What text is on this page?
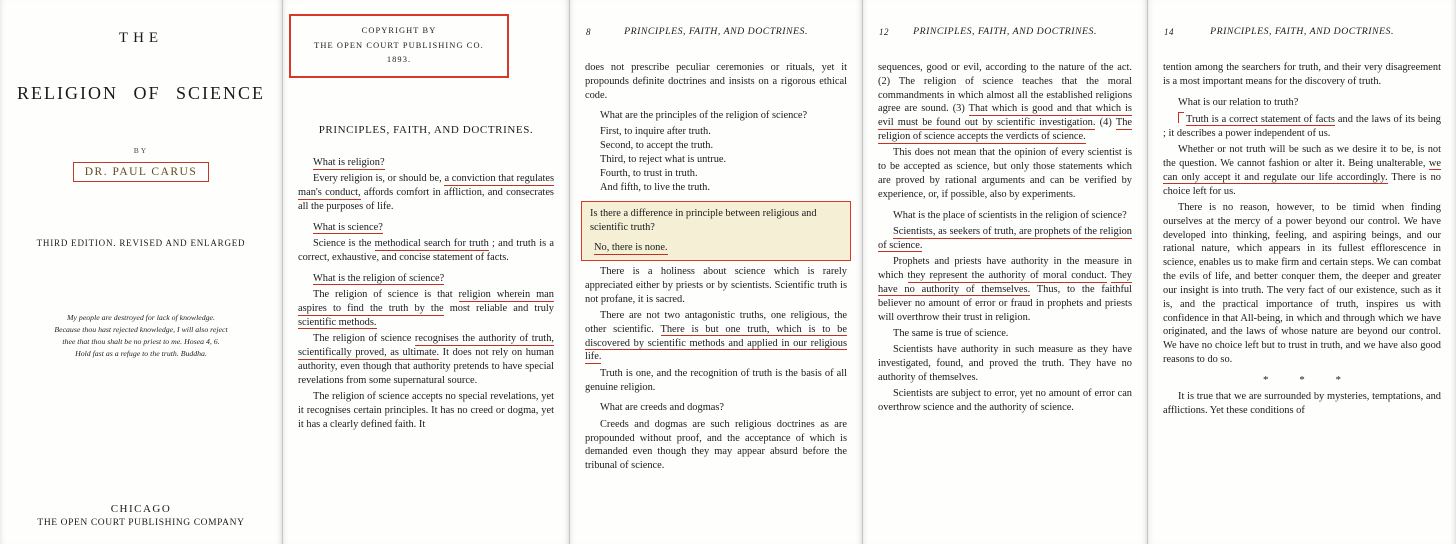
THE
RELIGION OF SCIENCE
BY
DR. PAUL CARUS
THIRD EDITION. REVISED AND ENLARGED
My people are destroyed for lack of knowledge.
Because thou hast rejected knowledge, I will also reject
thee that thou shalt be no priest to me. Hosea 4, 6.
Hold fast as a refuge to the truth. Buddha.
CHICAGO
THE OPEN COURT PUBLISHING COMPANY
COPYRIGHT BY
THE OPEN COURT PUBLISHING CO.
1893.
PRINCIPLES, FAITH, AND DOCTRINES.
What is religion?

Every religion is, or should be, a conviction that regulates man's conduct, affords comfort in affliction, and consecrates all the purposes of life.

What is science?

Science is the methodical search for truth ; and truth is a correct, exhaustive, and concise statement of facts.

What is the religion of science?

The religion of science is that religion wherein man aspires to find the truth by the most reliable and truly scientific methods.

The religion of science recognises the authority of truth, scientifically proved, as ultimate. It does not rely on human authority, even though that authority pretends to have special revelations from some supernatural source.

The religion of science accepts no special revelations, yet it recognises certain principles. It has no creed or dogma, yet it has a clearly defined faith. It

8	PRINCIPLES, FAITH, AND DOCTRINES.

does not prescribe peculiar ceremonies or rituals, yet it propounds definite doctrines and insists on a rigorous ethical code.

What are the principles of the religion of science?
First, to inquire after truth.
Second, to accept the truth.
Third, to reject what is untrue.
Fourth, to trust in truth.
And fifth, to live the truth.
Is there a difference in principle between religious and scientific truth?
No, there is none.

There is a holiness about science which is rarely appreciated either by priests or by scientists. Scientific truth is not profane, it is sacred.

There are not two antagonistic truths, one religious, the other scientific. There is but one truth, which is to be discovered by scientific methods and applied in our religious life.

Truth is one, and the recognition of truth is the basis of all genuine religion.

What are creeds and dogmas?

Creeds and dogmas are such religious doctrines as are propounded without proof, and the acceptance of which is demanded even though they may appear absurd before the tribunal of science.

12	PRINCIPLES, FAITH, AND DOCTRINES.

sequences, good or evil, according to the nature of the act. (2) The religion of science teaches that the moral commandments in which almost all the established religions agree are sound. (3) That which is good and that which is evil must be found out by scientific investigation. (4) The religion of science accepts the verdicts of science.

This does not mean that the opinion of every scientist is to be accepted as science, but only those statements which are proved by rational arguments and can be verified by experience, or, if possible, also by experiments.

What is the place of scientists in the religion of science?

Scientists, as seekers of truth, are prophets of the religion of science.

Prophets and priests have authority in the measure in which they represent the authority of moral conduct. They have no authority of themselves. Thus, to the faithful believer no amount of error or fraud in prophets and priests will overthrow their trust in religion.

The same is true of science.

Scientists have authority in such measure as they have investigated, found, and proved the truth. They have no authority of themselves.

Scientists are subject to error, yet no amount of error can overthrow science and the authority of science.

14	PRINCIPLES, FAITH, AND DOCTRINES.

tention among the searchers for truth, and their very disagreement is a most important means for the discovery of truth.

What is our relation to truth?

Truth is a correct statement of facts and the laws of its being ; it describes a power independent of us.

Whether or not truth will be such as we desire it to be, is not the question. We cannot fashion or alter it. Being unalterable, we can only accept it and regulate our life accordingly. There is no choice left for us.

There is no reason, however, to be timid when finding ourselves at the mercy of a power beyond our control. We have developed into thinking, feeling, and aspiring beings, and our rational nature, which appears in its fullest efflorescence in science, enables us to make firm and certain steps. We can combat the evils of life, and better conquer them, the deeper and greater our insight is into truth. The very fact of our existence, such as it is, and the practical importance of truth, inspires us with confidence in that All-being, in which and through which we have originated, and the laws of whose nature are beyond our control. We have no choice left but to trust in truth, and we have also good reasons to do so.

* * *

It is true that we are surrounded by mysteries, temptations, and afflictions. Yet these conditions of
